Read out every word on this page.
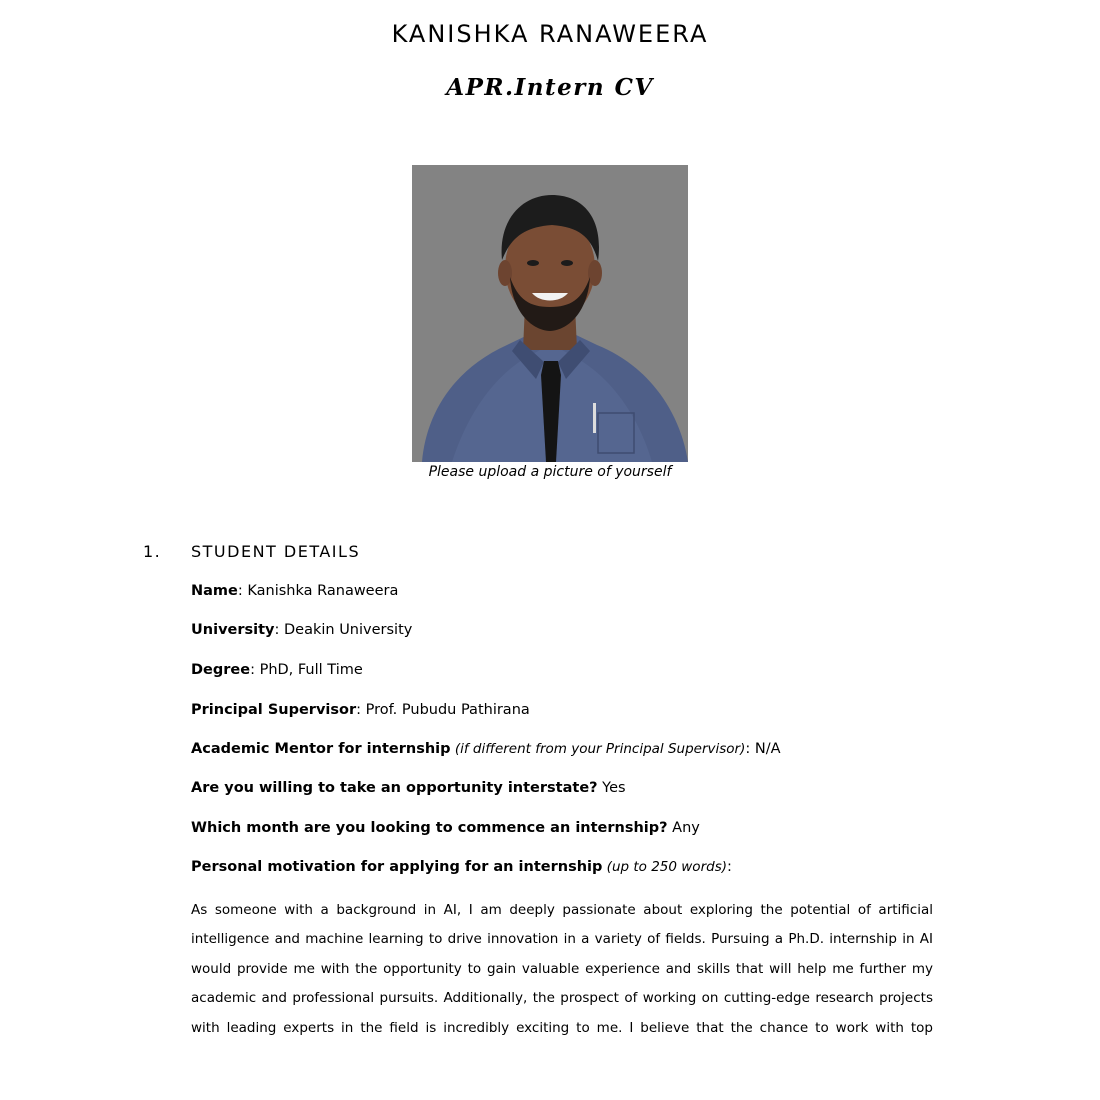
KANISHKA RANAWEERA
APR.Intern CV
Please upload a picture of yourself
1.	STUDENT DETAILS
Name: Kanishka Ranaweera
University: Deakin University
Degree: PhD, Full Time
Principal Supervisor: Prof. Pubudu Pathirana
Academic Mentor for internship (if different from your Principal Supervisor): N/A
Are you willing to take an opportunity interstate? Yes
Which month are you looking to commence an internship? Any
Personal motivation for applying for an internship (up to 250 words):
As someone with a background in AI, I am deeply passionate about exploring the potential of artificial
intelligence and machine learning to drive innovation in a variety of fields. Pursuing a Ph.D. internship in AI
would provide me with the opportunity to gain valuable experience and skills that will help me further my
academic and professional pursuits. Additionally, the prospect of working on cutting-edge research projects
with leading experts in the field is incredibly exciting to me. I believe that the chance to work with top
